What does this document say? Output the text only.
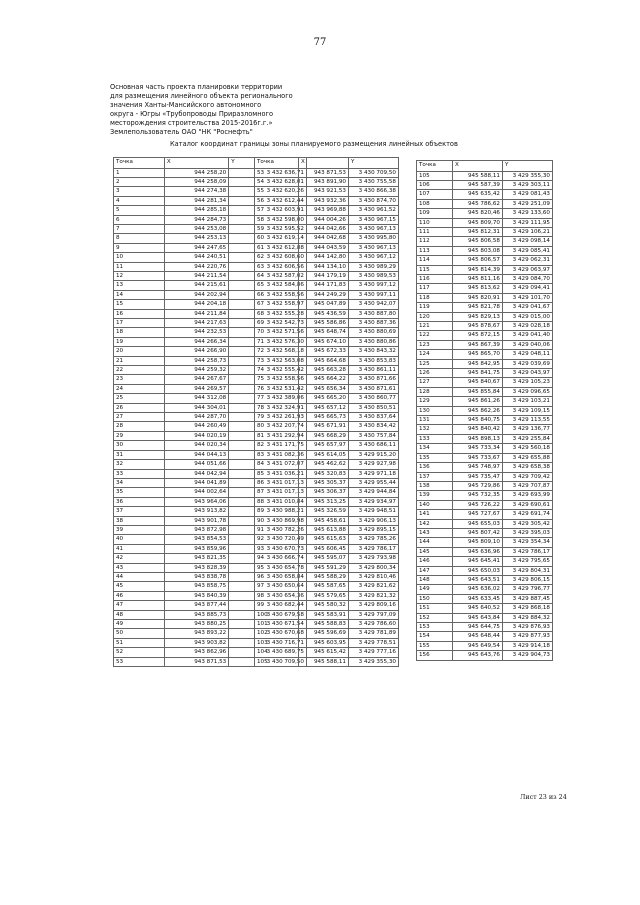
77
Основная часть проекта планировки территории
для размещения линейного объекта регионального
значения Ханты-Мансийского автономного
округа - Югры «Трубопроводы Приразломного
месторождения строительства 2015-2016г.г.»
Землепользователь ОАО "НК "Роснефть"
Каталог координат границы зоны планируемого размещения линейных объектов
Точка	X	Y
1	944 258,20	3 432 636,71
2	944 258,09	3 432 628,01
3	944 274,38	3 432 620,26
4	944 281,34	3 432 612,44
5	944 285,18	3 432 603,91
6	944 284,73	3 432 598,00
7	944 253,08	3 432 595,52
8	944 253,13	3 432 619,14
9	944 247,65	3 432 612,88
10	944 240,51	3 432 608,60
11	944 220,76	3 432 606,56
12	944 211,54	3 432 587,02
13	944 215,61	3 432 584,86
14	944 202,94	3 432 558,56
15	944 204,18	3 432 558,97
16	944 211,84	3 432 555,28
17	944 217,63	3 432 542,73
18	944 232,53	3 432 571,56
19	944 266,34	3 432 576,30
20	944 266,90	3 432 568,18
21	944 258,73	3 432 563,08
22	944 259,32	3 432 555,42
23	944 267,67	3 432 558,56
24	944 269,57	3 432 531,42
25	944 312,08	3 432 389,06
26	944 304,01	3 432 324,91
27	944 287,70	3 432 261,93
28	944 260,49	3 432 207,74
29	944 020,19	3 431 292,94
30	944 020,34	3 431 171,75
31	944 044,13	3 431 082,36
32	944 051,66	3 431 072,07
33	944 042,94	3 431 036,21
34	944 041,89	3 431 017,13
35	944 002,64	3 431 017,13
36	943 964,06	3 431 010,84
37	943 913,82	3 430 988,21
38	943 901,78	3 430 869,98
39	943 872,98	3 430 782,26
40	943 854,53	3 430 720,49
41	943 859,96	3 430 670,73
42	943 821,35	3 430 666,74
43	943 828,39	3 430 654,78
44	943 838,78	3 430 658,84
45	943 858,75	3 430 650,64
46	943 840,39	3 430 654,36
47	943 877,44	3 430 682,44
48	943 885,73	3 430 679,58
49	943 880,25	3 430 671,54
50	943 893,22	3 430 670,68
51	943 903,82	3 430 716,71
52	943 862,96	3 430 689,75
53	943 871,53	3 430 709,50
Точка	X	Y
53	943 871,53	3 430 709,50
54	943 891,90	3 430 755,58
55	943 921,53	3 430 866,38
56	943 932,36	3 430 874,70
57	943 969,88	3 430 961,52
58	944 004,26	3 430 967,15
59	944 042,66	3 430 967,13
60	944 042,68	3 430 995,80
61	944 043,59	3 430 967,13
62	944 142,80	3 430 967,12
63	944 134,10	3 430 989,29
64	944 179,19	3 430 989,53
65	944 171,83	3 430 997,12
66	944 249,29	3 430 997,11
67	945 047,89	3 430 942,07
68	945 436,59	3 430 887,80
69	945 586,86	3 430 887,36
70	945 648,74	3 430 880,69
71	945 674,10	3 430 880,86
72	945 672,33	3 430 843,32
73	945 664,68	3 430 853,83
74	945 663,28	3 430 861,11
75	945 664,22	3 430 871,66
76	945 656,34	3 430 871,61
77	945 665,20	3 430 860,77
78	945 657,12	3 430 850,51
79	945 665,73	3 430 837,64
80	945 671,91	3 430 834,42
81	945 668,29	3 430 757,84
82	945 657,97	3 430 686,11
83	945 614,05	3 429 915,20
84	945 462,62	3 429 927,98
85	945 320,83	3 429 971,18
86	945 305,37	3 429 955,44
87	945 306,37	3 429 944,84
88	945 313,25	3 429 934,97
89	945 326,59	3 429 948,51
90	945 458,61	3 429 906,13
91	945 613,88	3 429 895,15
92	945 615,63	3 429 785,26
93	945 606,45	3 429 786,17
94	945 595,07	3 429 793,98
95	945 591,29	3 429 800,34
96	945 588,29	3 429 810,46
97	945 587,65	3 429 821,62
98	945 579,65	3 429 821,32
99	945 580,32	3 429 809,16
100	945 583,91	3 429 797,09
101	945 588,83	3 429 786,60
102	945 596,69	3 429 781,89
103	945 603,95	3 429 778,51
104	945 615,42	3 429 777,16
105	945 588,11	3 429 355,30
Точка	X	Y
105	945 588,11	3 429 355,30
106	945 587,39	3 429 303,11
107	945 635,42	3 429 081,43
108	945 786,62	3 429 251,09
109	945 820,46	3 429 133,60
110	945 809,70	3 429 111,95
111	945 812,31	3 429 106,21
112	945 806,58	3 429 098,14
113	945 803,08	3 429 085,41
114	945 806,57	3 429 062,31
115	945 814,39	3 429 063,97
116	945 811,16	3 429 084,70
117	945 813,62	3 429 094,41
118	945 820,91	3 429 101,70
119	945 821,78	3 429 041,67
120	945 829,13	3 429 015,00
121	945 878,67	3 429 028,18
122	945 872,15	3 429 041,40
123	945 867,39	3 429 040,06
124	945 865,70	3 429 048,11
125	945 842,95	3 429 039,69
126	945 841,75	3 429 043,97
127	945 840,67	3 429 105,23
128	945 855,84	3 429 096,65
129	945 861,26	3 429 103,21
130	945 862,26	3 429 109,15
131	945 840,75	3 429 113,55
132	945 840,42	3 429 136,77
133	945 898,13	3 429 255,84
134	945 733,34	3 429 560,18
135	945 733,67	3 429 655,88
136	945 748,97	3 429 658,38
137	945 735,47	3 429 709,42
138	945 729,86	3 429 707,87
139	945 732,35	3 429 693,99
140	945 726,22	3 429 690,61
141	945 727,67	3 429 691,74
142	945 655,03	3 429 305,42
143	945 807,42	3 429 395,03
144	945 809,10	3 429 354,34
145	945 636,96	3 429 786,17
146	945 645,41	3 429 795,65
147	945 650,03	3 429 804,31
148	945 643,51	3 429 806,15
149	945 636,02	3 429 796,77
150	945 633,45	3 429 887,45
151	945 640,52	3 429 868,18
152	945 643,84	3 429 884,32
153	945 644,75	3 429 876,93
154	945 648,44	3 429 877,93
155	945 649,54	3 429 914,18
156	945 643,76	3 429 904,73
Лист 23 из 24
